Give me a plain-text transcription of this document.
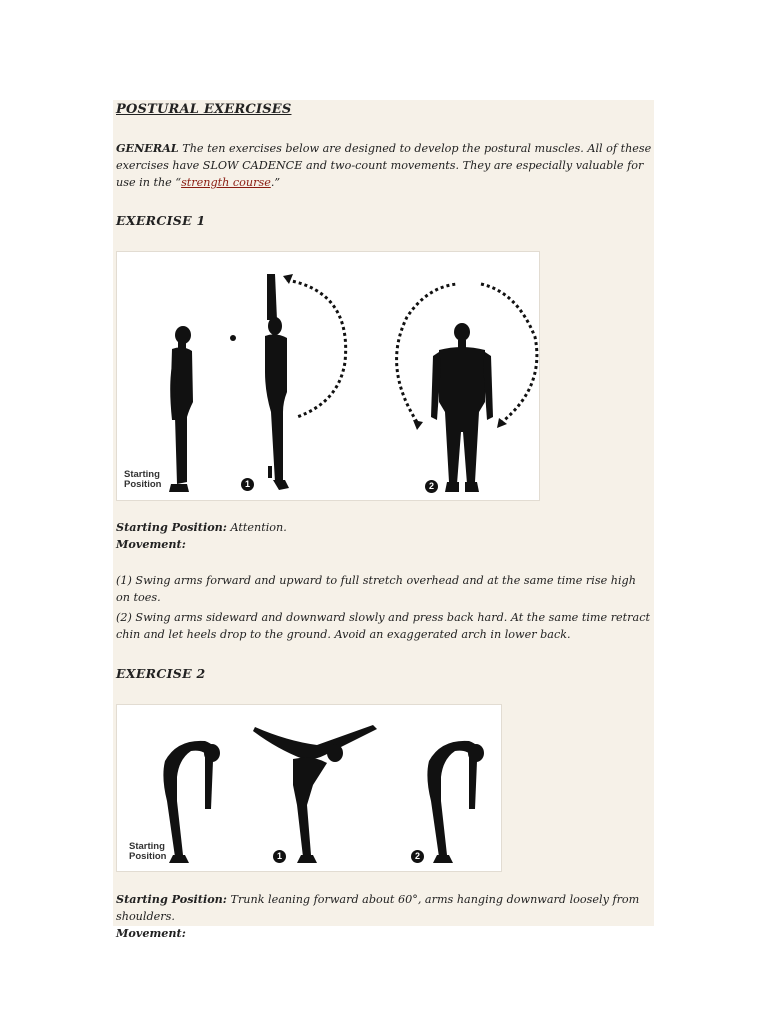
POSTURAL EXERCISES
GENERAL The ten exercises below are designed to develop the postural muscles. All of these exercises have SLOW CADENCE and two-count movements. They are especially valuable for use in the “strength course.”
EXERCISE 1
Starting
Position	1	2
Starting Position: Attention.
Movement:
(1) Swing arms forward and upward to full stretch overhead and at the same time rise high on toes.
(2) Swing arms sideward and downward slowly and press back hard. At the same time retract chin and let heels drop to the ground. Avoid an exaggerated arch in lower back.
EXERCISE 2
Starting
Position	1	2
Starting Position: Trunk leaning forward about 60°, arms hanging downward loosely from shoulders.
Movement:
